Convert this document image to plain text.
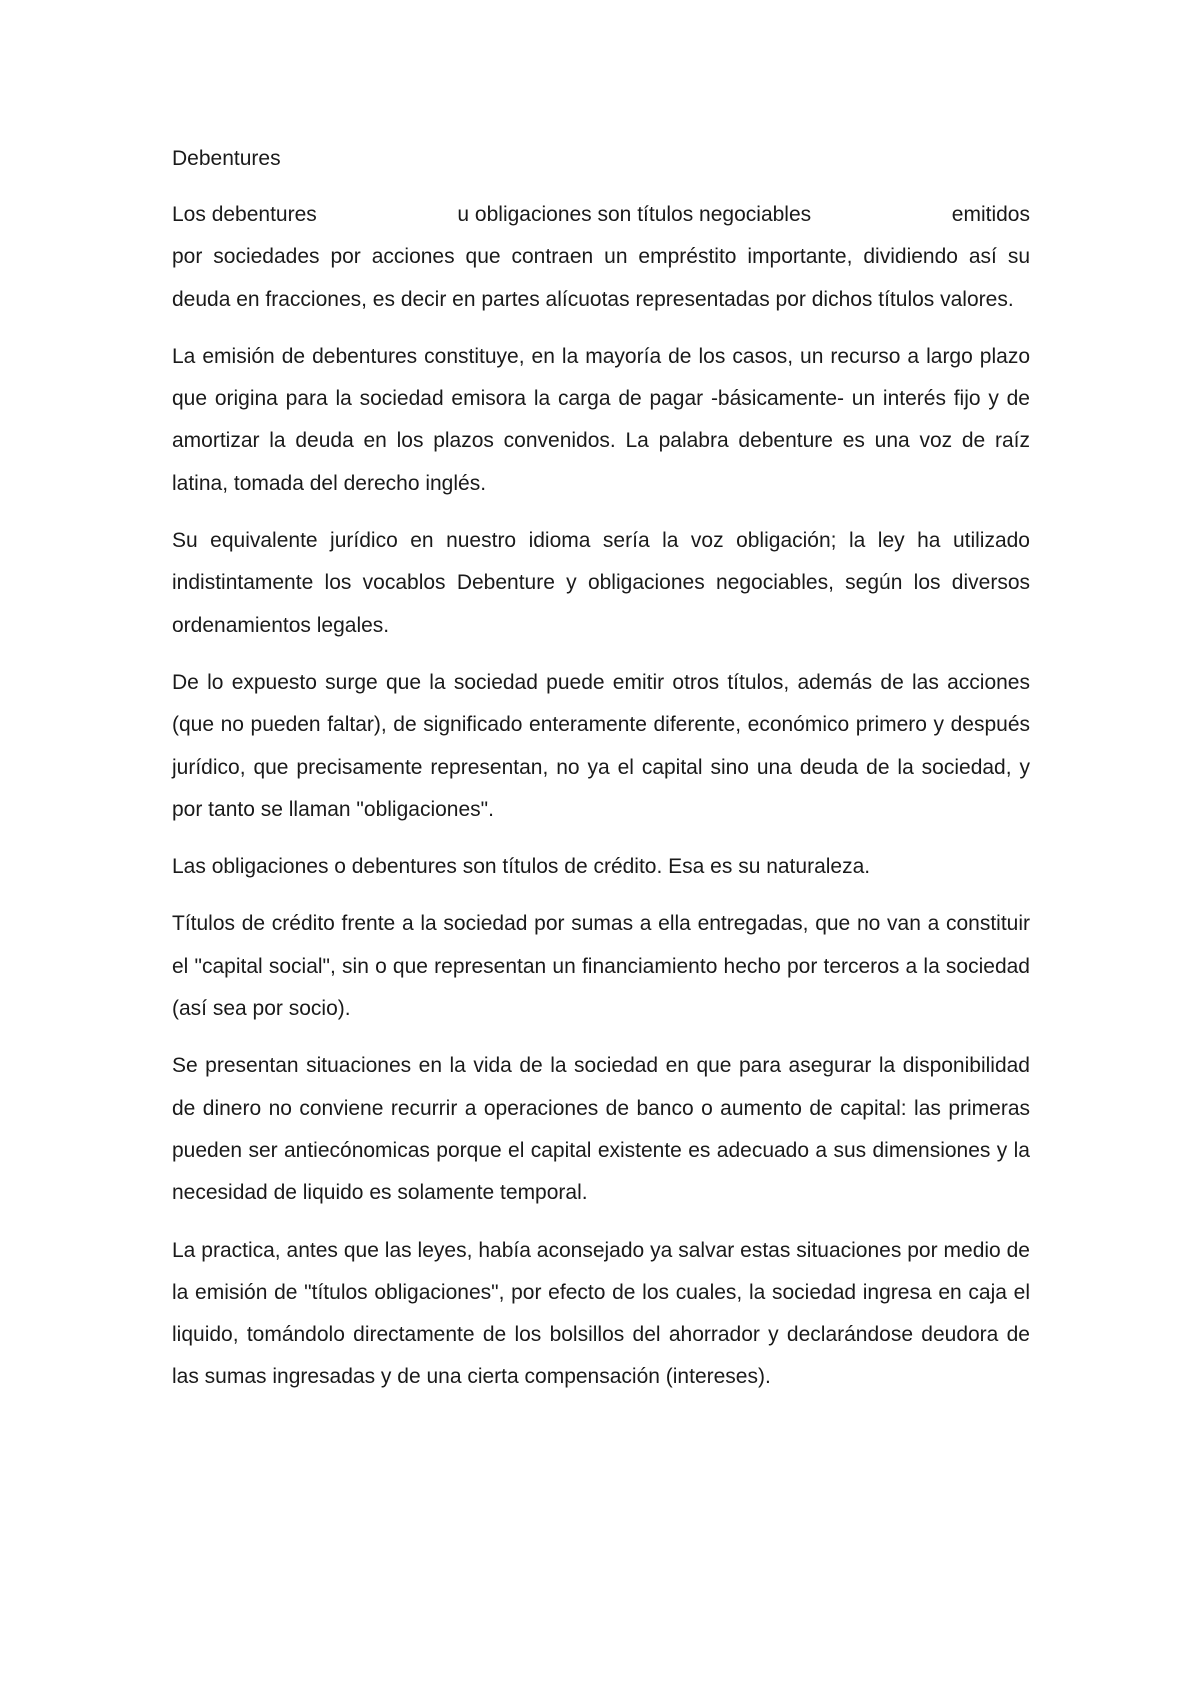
Debentures
Los debentures	u obligaciones son títulos negociables	emitidos
por sociedades por acciones que contraen un empréstito importante, dividiendo así su deuda en fracciones, es decir en partes alícuotas representadas por dichos títulos valores.

La emisión de debentures constituye, en la mayoría de los casos, un recurso a largo plazo que origina para la sociedad emisora la carga de pagar -básicamente- un interés fijo y de amortizar la deuda en los plazos convenidos. La palabra debenture es una voz de raíz latina, tomada del derecho inglés.

Su equivalente jurídico en nuestro idioma sería la voz obligación; la ley ha utilizado indistintamente los vocablos Debenture y obligaciones negociables, según los diversos ordenamientos legales.

De lo expuesto surge que la sociedad puede emitir otros títulos, además de las acciones (que no pueden faltar), de significado enteramente diferente, económico primero y después jurídico, que precisamente representan, no ya el capital sino una deuda de la sociedad, y por tanto se llaman "obligaciones".

Las obligaciones o debentures son títulos de crédito. Esa es su naturaleza.

Títulos de crédito frente a la sociedad por sumas a ella entregadas, que no van a constituir el "capital social", sin o que representan un financiamiento hecho por terceros a la sociedad (así sea por socio).

Se presentan situaciones en la vida de la sociedad en que para asegurar la disponibilidad de dinero no conviene recurrir a operaciones de banco o aumento de capital: las primeras pueden ser antiecónomicas porque el capital existente es adecuado a sus dimensiones y la necesidad de liquido es solamente temporal.

La practica, antes que las leyes, había aconsejado ya salvar estas situaciones por medio de la emisión de "títulos obligaciones", por efecto de los cuales, la sociedad ingresa en caja el liquido, tomándolo directamente de los bolsillos del ahorrador y declarándose deudora de las sumas ingresadas y de una cierta compensación (intereses).
